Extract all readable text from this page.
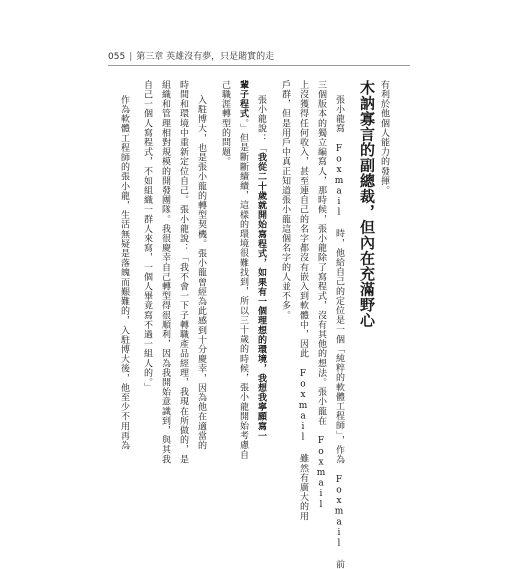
055 | 第三章 英雄沒有夢，只是賭實的走
木訥寡言的副總裁，但內在充滿野心 有利於他個人能力的發揮。
張小龍寫 Foxmail 時，他給自己的定位是一個「純粹的軟體工程師」，作為 Foxmail 前
三個版本的獨立編寫人，那時候，張小龍除了寫程式，沒有其他的想法。張小龍在 Foxmail
上沒獲得任何收入，甚至連自己的名字都沒有嵌入到軟體中，因此 Foxmail 雖然有廣大的用
戶群，但是用戶中真正知道張小龍這個名字的人並不多。
張小龍說：「我從二十歲就開始寫程式，如果有一個理想的環境，我想我寧願寫一
輩子程式。」但是斷斷續續，這樣的環境很難找到，所以三十歲的時候，張小龍開始考慮自
己職涯轉型的問題。
入駐博大，也是張小龍的轉型契機。張小龍曾經為此感到十分慶幸，因為他在適當的
時間和環境中重新定位自己。張小龍說：「我不會一下子轉職產品經理，我現在所做的，是
組織和管理相對規模的開發團隊。我很慶幸自己轉型得很順利，因為我開始意識到，與其我
自己一個人寫程式，不如組織一群人來寫，一個人畢竟寫不過一組人的。」
作為軟體工程師的張小龍，生活無疑是落魄而艱難的，入駐博大後，他至少不用再為
